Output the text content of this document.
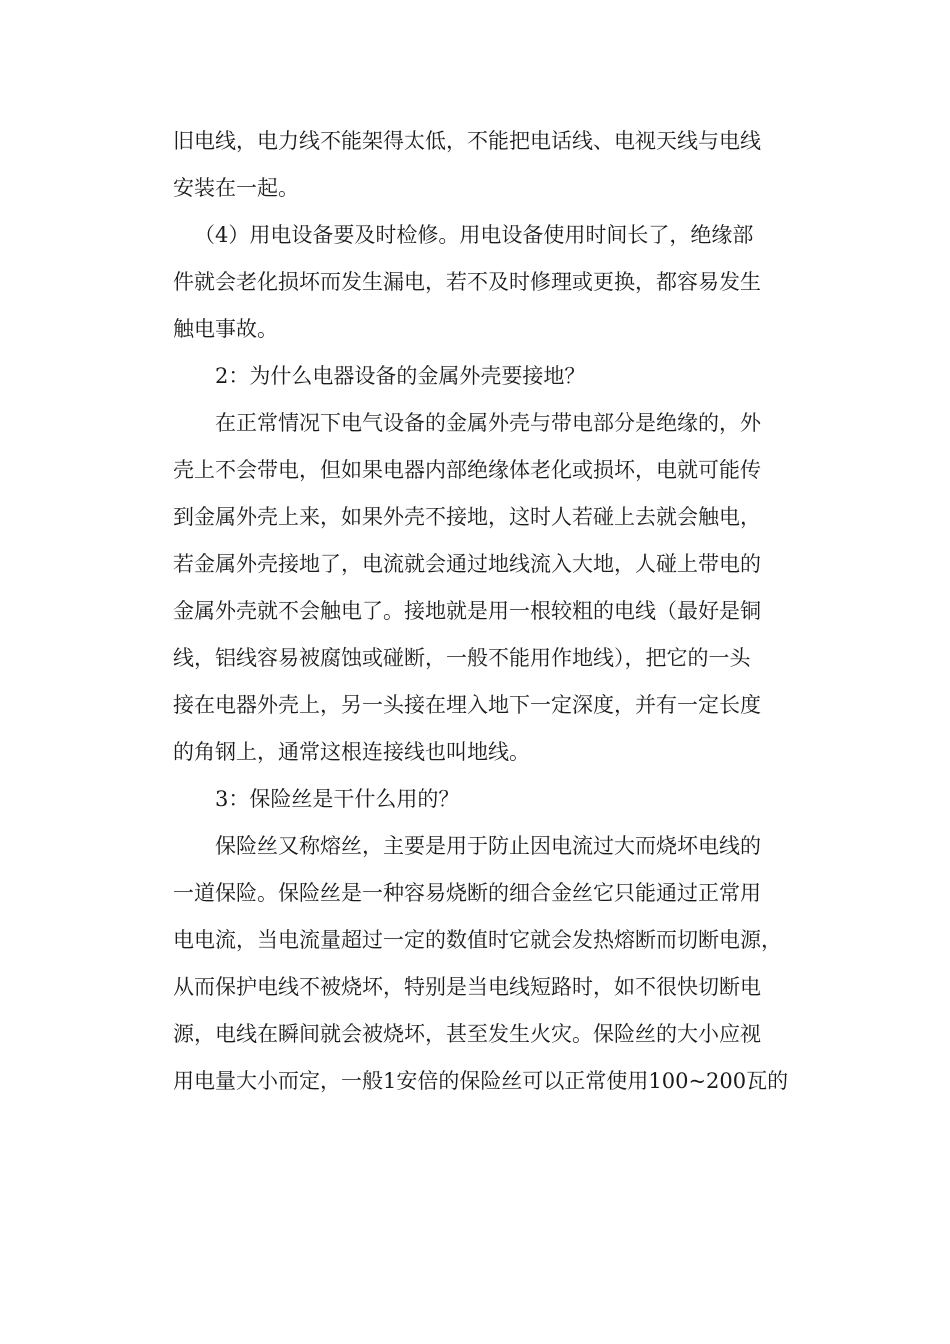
旧电线，电力线不能架得太低，不能把电话线、电视天线与电线
安装在一起。

（4）用电设备要及时检修。用电设备使用时间长了，绝缘部
件就会老化损坏而发生漏电，若不及时修理或更换，都容易发生
触电事故。

2：为什么电器设备的金属外壳要接地？

在正常情况下电气设备的金属外壳与带电部分是绝缘的，外
壳上不会带电，但如果电器内部绝缘体老化或损坏，电就可能传
到金属外壳上来，如果外壳不接地，这时人若碰上去就会触电，
若金属外壳接地了，电流就会通过地线流入大地，人碰上带电的
金属外壳就不会触电了。接地就是用一根较粗的电线（最好是铜
线，铝线容易被腐蚀或碰断，一般不能用作地线），把它的一头
接在电器外壳上，另一头接在埋入地下一定深度，并有一定长度
的角钢上，通常这根连接线也叫地线。

3：保险丝是干什么用的？

保险丝又称熔丝，主要是用于防止因电流过大而烧坏电线的
一道保险。保险丝是一种容易烧断的细合金丝它只能通过正常用
电电流，当电流量超过一定的数值时它就会发热熔断而切断电源，
从而保护电线不被烧坏，特别是当电线短路时，如不很快切断电
源，电线在瞬间就会被烧坏，甚至发生火灾。保险丝的大小应视
用电量大小而定，一般1安倍的保险丝可以正常使用100~200瓦的
